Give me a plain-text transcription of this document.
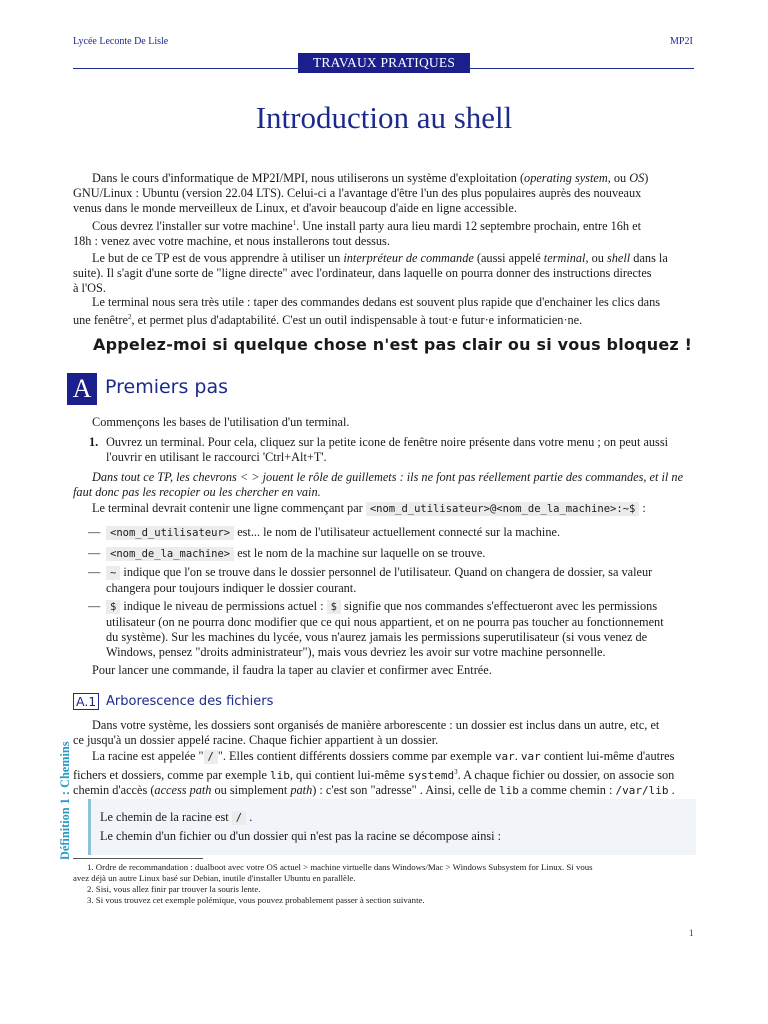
Lycée Leconte De Lisle	MP2I
TRAVAUX PRATIQUES
Introduction au shell
Dans le cours d'informatique de MP2I/MPI, nous utiliserons un système d'exploitation (operating system, ou OS)
GNU/Linux : Ubuntu (version 22.04 LTS). Celui-ci a l'avantage d'être l'un des plus populaires auprès des nouveaux
venus dans le monde merveilleux de Linux, et d'avoir beaucoup d'aide en ligne accessible.
Cous devrez l'installer sur votre machine$^1$. Une install party aura lieu mardi 12 septembre prochain, entre 16h et
18h : venez avec votre machine, et nous installerons tout dessus.
Le but de ce TP est de vous apprendre à utiliser un interpréteur de commande (aussi appelé terminal, ou shell dans la
suite). Il s'agit d'une sorte de "ligne directe" avec l'ordinateur, dans laquelle on pourra donner des instructions directes
à l'OS.
Le terminal nous sera très utile : taper des commandes dedans est souvent plus rapide que d'enchainer les clics dans
une fenêtre$^2$, et permet plus d'adaptabilité. C'est un outil indispensable à tout·e futur·e informaticien·ne.
Appelez-moi si quelque chose n'est pas clair ou si vous bloquez !
A Premiers pas
Commençons les bases de l'utilisation d'un terminal.
1. Ouvrez un terminal. Pour cela, cliquez sur la petite icone de fenêtre noire présente dans votre menu ; on peut aussi
l'ouvrir en utilisant le raccourci 'Ctrl+Alt+T'.
Dans tout ce TP, les chevrons < > jouent le rôle de guillemets : ils ne font pas réellement partie des commandes, et il ne
faut donc pas les recopier ou les chercher en vain.
Le terminal devrait contenir une ligne commençant par <nom_d_utilisateur>@<nom_de_la_machine>:~$ :
— <nom_d_utilisateur> est... le nom de l'utilisateur actuellement connecté sur la machine.
— <nom_de_la_machine> est le nom de la machine sur laquelle on se trouve.
— ~ indique que l'on se trouve dans le dossier personnel de l'utilisateur. Quand on changera de dossier, sa valeur
changera pour toujours indiquer le dossier courant.
— $ indique le niveau de permissions actuel : $ signifie que nos commandes s'effectueront avec les permissions
utilisateur (on ne pourra donc modifier que ce qui nous appartient, et on ne pourra pas toucher au fonctionnement
du système). Sur les machines du lycée, vous n'aurez jamais les permissions superutilisateur (si vous venez de
Windows, pensez "droits administrateur"), mais vous devriez les avoir sur votre machine personnelle.
Pour lancer une commande, il faudra la taper au clavier et confirmer avec Entrée.
A.1 Arborescence des fichiers
Dans votre système, les dossiers sont organisés de manière arborescente : un dossier est inclus dans un autre, etc, et
ce jusqu'à un dossier appelé racine. Chaque fichier appartient à un dossier.
La racine est appelée " / ". Elles contient différents dossiers comme par exemple var. var contient lui-même d'autres
fichers et dossiers, comme par exemple lib, qui contient lui-même systemd$^3$. A chaque fichier ou dossier, on associe son
chemin d'accès (access path ou simplement path) : c'est son "adresse" . Ainsi, celle de lib a comme chemin : /var/lib .
Définition 1 : Chemins Le chemin de la racine est / .
Le chemin d'un fichier ou d'un dossier qui n'est pas la racine se décompose ainsi :
1. Ordre de recommandation : dualboot avec votre OS actuel > machine virtuelle dans Windows/Mac > Windows Subsystem for Linux. Si vous
avez déjà un autre Linux basé sur Debian, inutile d'installer Ubuntu en parallèle.
2. Sisi, vous allez finir par trouver la souris lente.
3. Si vous trouvez cet exemple polémique, vous pouvez probablement passer à section suivante.
1
